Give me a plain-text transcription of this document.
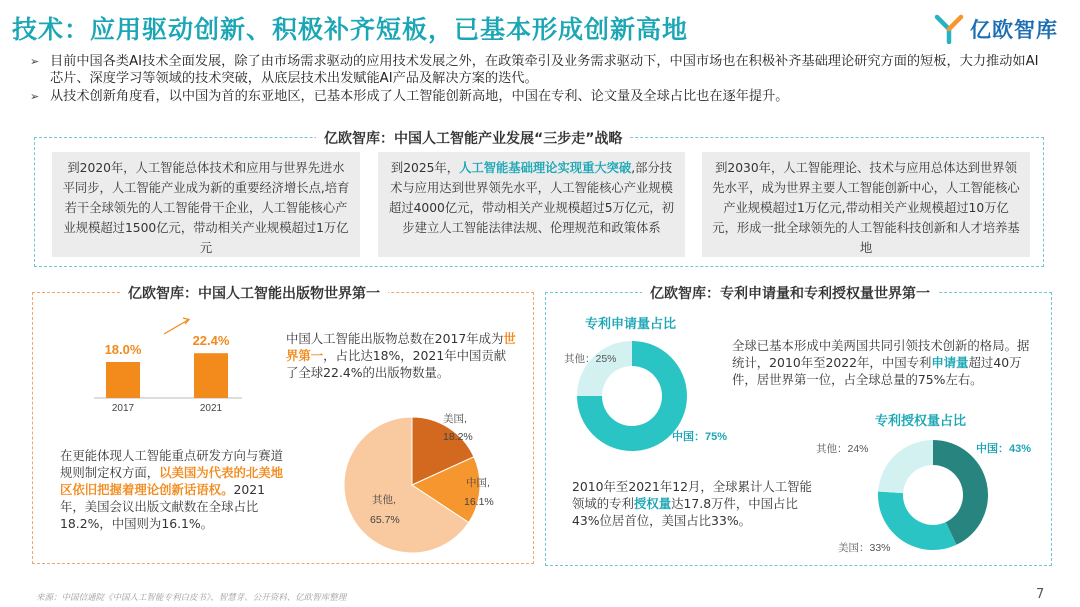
技术：应用驱动创新、积极补齐短板，已基本形成创新高地	亿欧智库
➢ 目前中国各类AI技术全面发展，除了由市场需求驱动的应用技术发展之外，在政策牵引及业务需求驱动下，中国市场也在积极补齐基础理论研究方面的短板，大力推动如AI芯片、深度学习等领域的技术突破，从底层技术出发赋能AI产品及解决方案的迭代。
➢ 从技术创新角度看，以中国为首的东亚地区，已基本形成了人工智能创新高地，中国在专利、论文量及全球占比也在逐年提升。
亿欧智库：中国人工智能产业发展“三步走”战略
到2020年，人工智能总体技术和应用与世界先进水平同步，人工智能产业成为新的重要经济增长点,培育若干全球领先的人工智能骨干企业，人工智能核心产业规模超过1500亿元，带动相关产业规模超过1万亿元
到2025年，人工智能基础理论实现重大突破,部分技术与应用达到世界领先水平，人工智能核心产业规模超过4000亿元，带动相关产业规模超过5万亿元，初步建立人工智能法律法规、伦理规范和政策体系
到2030年，人工智能理论、技术与应用总体达到世界领先水平，成为世界主要人工智能创新中心，人工智能核心产业规模超过1万亿元,带动相关产业规模超过10万亿元，形成一批全球领先的人工智能科技创新和人才培养基地
亿欧智库：中国人工智能出版物世界第一
18.0%
22.4%
2017	2021
中国人工智能出版物总数在2017年成为世界第一，占比达18%，2021年中国贡献了全球22.4%的出版物数量。
在更能体现人工智能重点研发方向与赛道规则制定权方面，以美国为代表的北美地区依旧把握着理论创新话语权。2021年，美国会议出版文献数在全球占比18.2%，中国则为16.1%。
美国,
18.2%
中国,
16.1%
其他,
65.7%
亿欧智库：专利申请量和专利授权量世界第一
专利申请量占比
其他：25%
中国：75%
全球已基本形成中美两国共同引领技术创新的格局。据统计，2010年至2022年，中国专利申请量超过40万件，居世界第一位，占全球总量的75%左右。
2010年至2021年12月，全球累计人工智能领域的专利授权量达17.8万件，中国占比43%位居首位，美国占比33%。
专利授权量占比
中国：43%
其他：24%
美国：33%
来源：中国信通院《中国人工智能专利白皮书》、智慧芽、公开资料、亿欧智库整理	7
